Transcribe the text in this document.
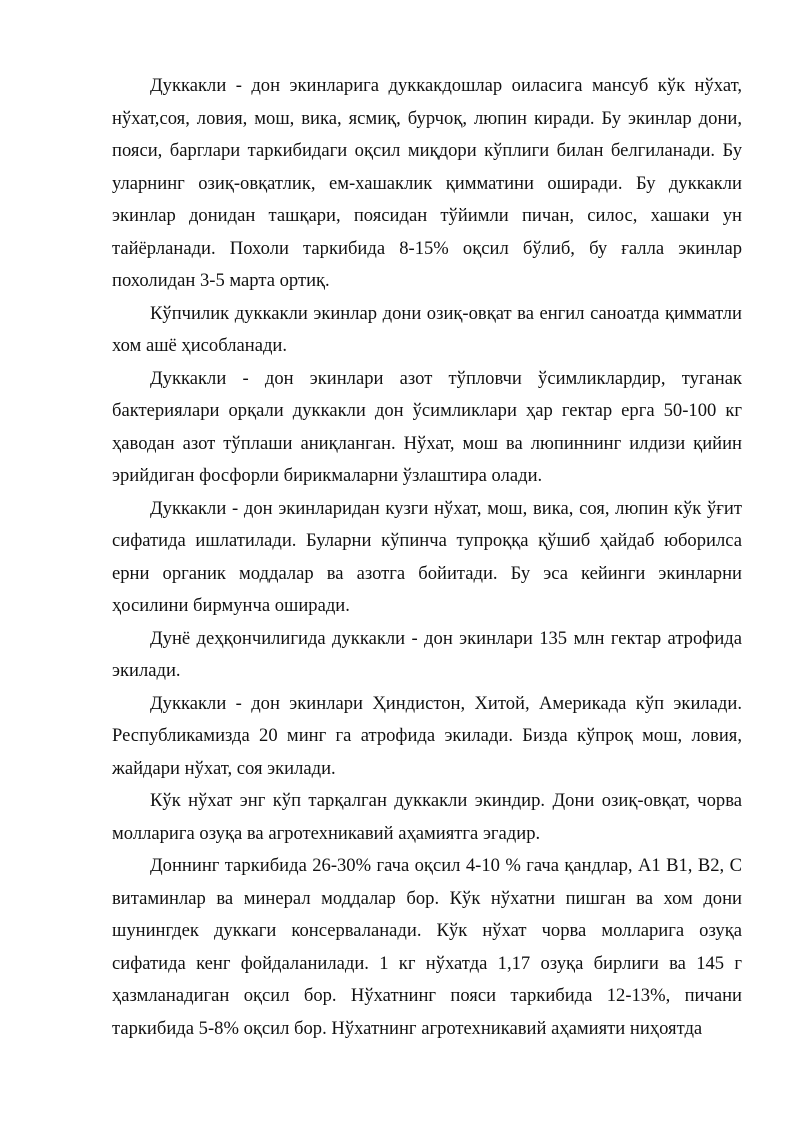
Дуккакли - дон экинларига дуккакдошлар оиласига мансуб кўк нўхат, нўхат,соя, ловия, мош, вика, ясмиқ, бурчоқ, люпин киради. Бу экинлар дони, пояси, барглари таркибидаги оқсил миқдори кўплиги билан белгиланади. Бу уларнинг озиқ-овқатлик, ем-хашаклик қимматини оширади. Бу дуккакли экинлар донидан ташқари, поясидан тўйимли пичан, силос, хашаки ун тайёрланади. Похоли таркибида 8-15% оқсил бўлиб, бу ғалла экинлар похолидан 3-5 марта ортиқ.

Кўпчилик дуккакли экинлар дони озиқ-овқат ва енгил саноатда қимматли хом ашё ҳисобланади.

Дуккакли - дон экинлари азот тўпловчи ўсимликлардир, туганак бактериялари орқали дуккакли дон ўсимликлари ҳар гектар ерга 50-100 кг ҳаводан азот тўплаши аниқланган. Нўхат, мош ва люпиннинг илдизи қийин эрийдиган фосфорли бирикмаларни ўзлаштира олади.

Дуккакли - дон экинларидан кузги нўхат, мош, вика, соя, люпин кўк ўғит сифатида ишлатилади. Буларни кўпинча тупроққа қўшиб ҳайдаб юборилса ерни органик моддалар ва азотга бойитади. Бу эса кейинги экинларни ҳосилини бирмунча оширади.

Дунё деҳқончилигида дуккакли - дон экинлари 135 млн гектар атрофида экилади.

Дуккакли - дон экинлари Ҳиндистон, Хитой, Америкада кўп экилади. Республикамизда 20 минг га атрофида экилади. Бизда кўпроқ мош, ловия, жайдари нўхат, соя экилади.

Кўк нўхат энг кўп тарқалган дуккакли экиндир. Дони озиқ-овқат, чорва молларига озуқа ва агротехникавий аҳамиятга эгадир.

Доннинг таркибида 26-30% гача оқсил 4-10 % гача қандлар, А1 В1, В2, С витаминлар ва минерал моддалар бор. Кўк нўхатни пишган ва хом дони шунингдек дуккаги консерваланади. Кўк нўхат чорва молларига озуқа сифатида кенг фойдаланилади. 1 кг нўхатда 1,17 озуқа бирлиги ва 145 г ҳазмланадиган оқсил бор. Нўхатнинг пояси таркибида 12-13%, пичани таркибида 5-8% оқсил бор. Нўхатнинг агротехникавий аҳамияти ниҳоятда
